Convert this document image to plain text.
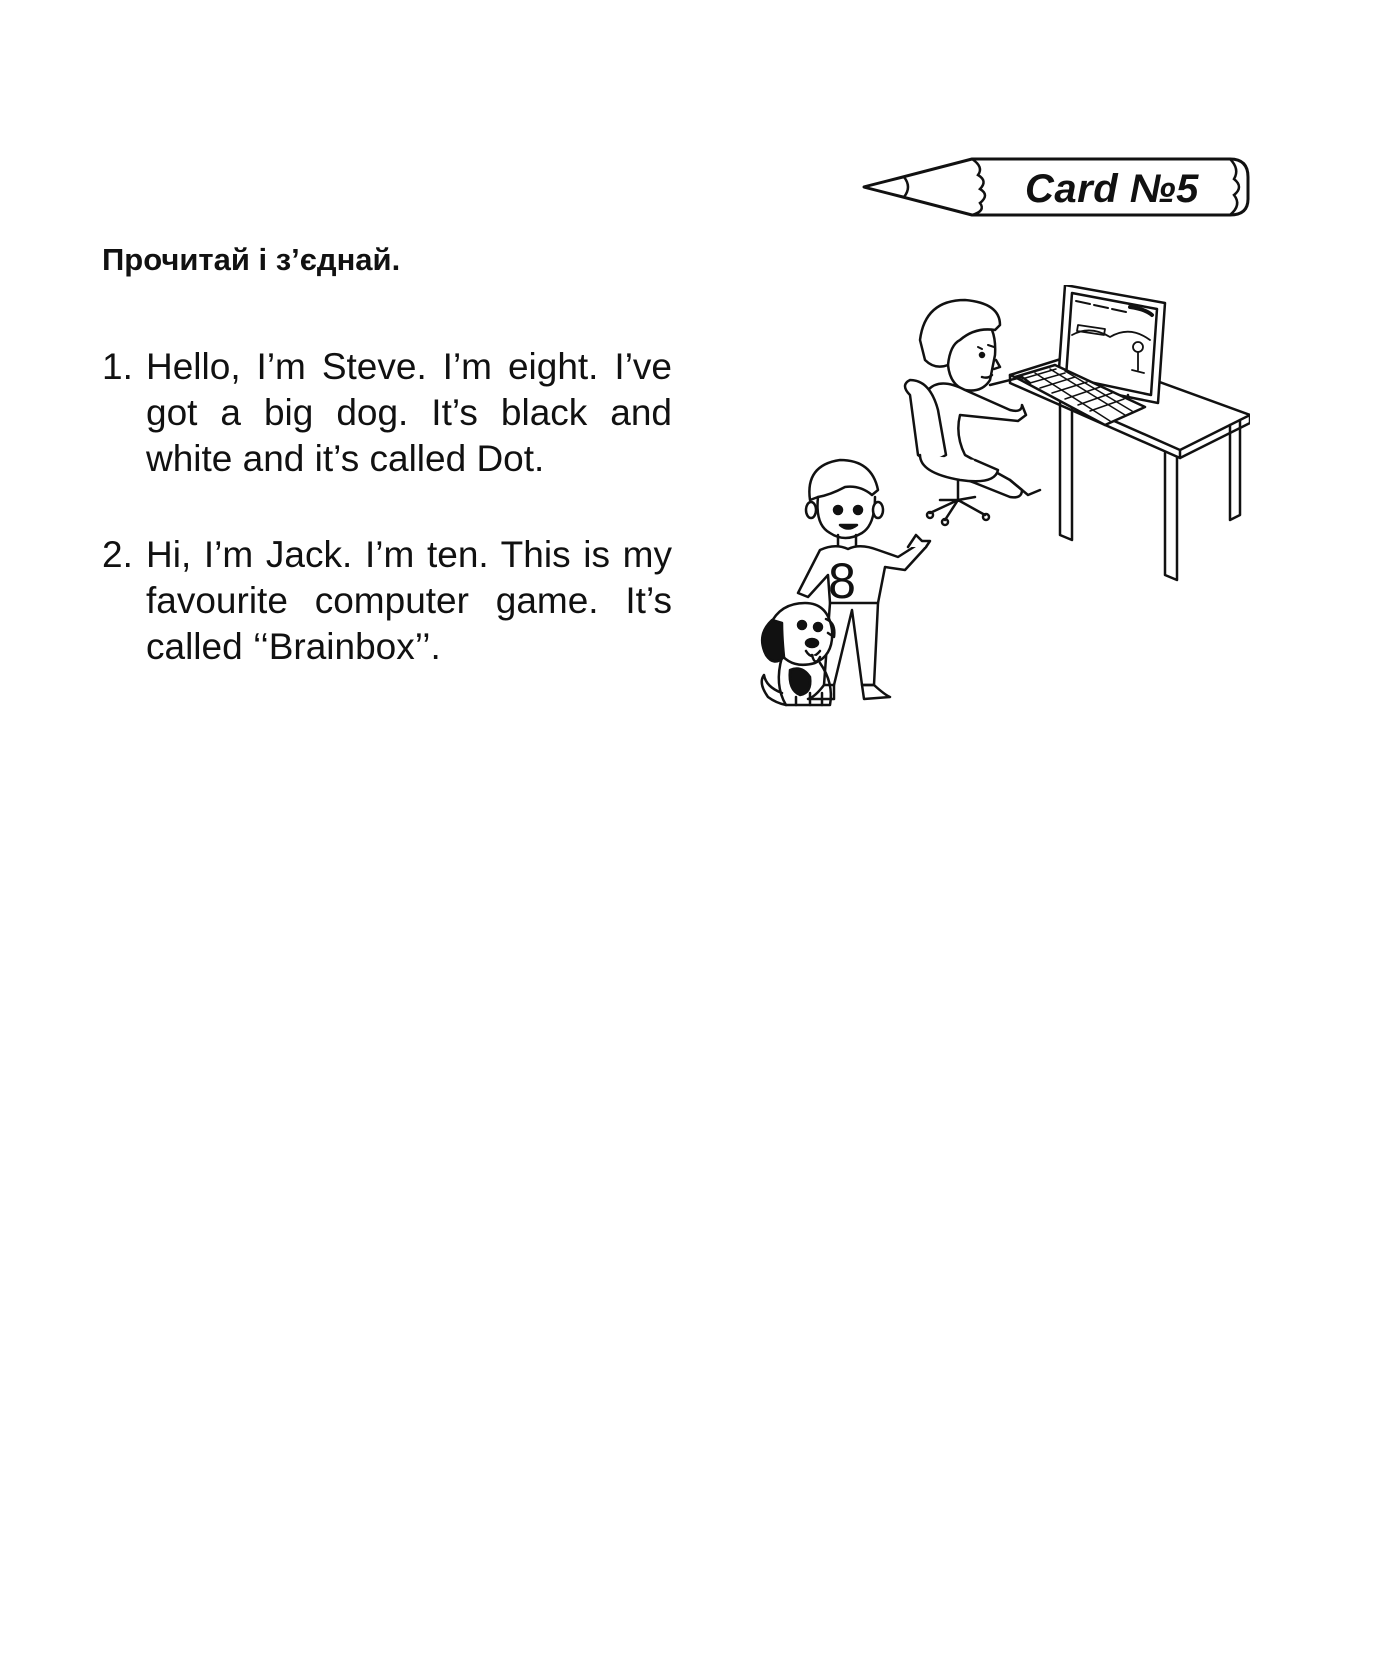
Card №5
Прочитай і з’єднай.
1. Hello, I’m Steve. I’m eight. I’ve got a big dog. It’s black and white and it’s called Dot.
2. Hi, I’m Jack. I’m ten. This is my favourite computer game. It’s called ‘‘Brainbox’’.
8
